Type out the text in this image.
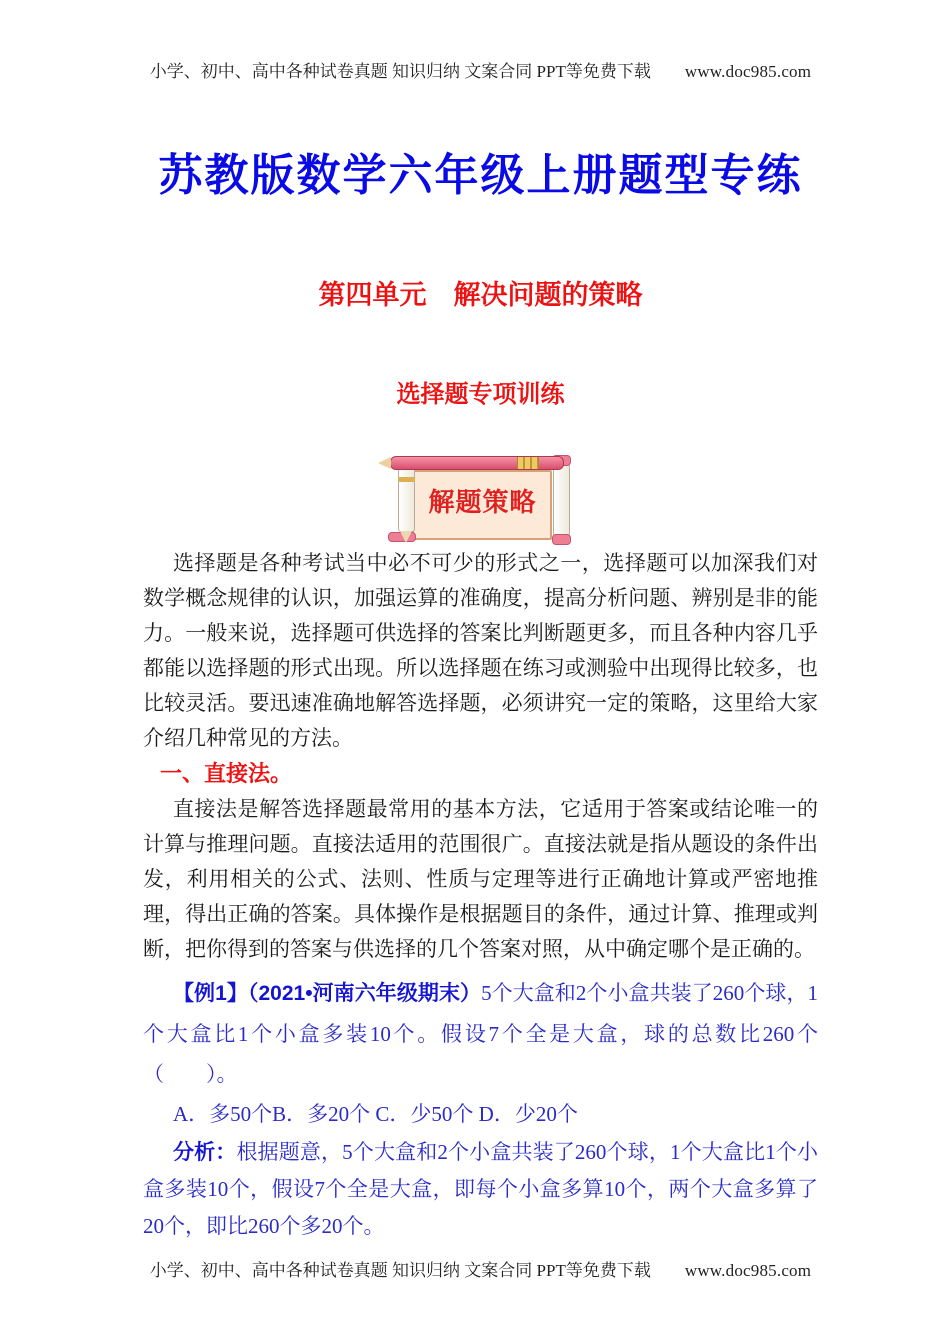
小学、初中、高中各种试卷真题 知识归纳 文案合同 PPT等免费下载 www.doc985.com
苏教版数学六年级上册题型专练
第四单元　解决问题的策略
选择题专项训练
解题策略

选择题是各种考试当中必不可少的形式之一，选择题可以加深我们对数学概念规律的认识，加强运算的准确度，提高分析问题、辨别是非的能力。一般来说，选择题可供选择的答案比判断题更多，而且各种内容几乎都能以选择题的形式出现。所以选择题在练习或测验中出现得比较多，也比较灵活。要迅速准确地解答选择题，必须讲究一定的策略，这里给大家介绍几种常见的方法。

一、直接法。

直接法是解答选择题最常用的基本方法，它适用于答案或结论唯一的计算与推理问题。直接法适用的范围很广。直接法就是指从题设的条件出发，利用相关的公式、法则、性质与定理等进行正确地计算或严密地推理，得出正确的答案。具体操作是根据题目的条件，通过计算、推理或判断，把你得到的答案与供选择的几个答案对照，从中确定哪个是正确的。

【例1】（2021•河南六年级期末）5个大盒和2个小盒共装了260个球，1个大盒比1个小盒多装10个。假设7个全是大盒，球的总数比260个（　　）。

A．多50个B．多20个 C．少50个 D．少20个

分析：根据题意，5个大盒和2个小盒共装了260个球，1个大盒比1个小盒多装10个，假设7个全是大盒，即每个小盒多算10个，两个大盒多算了20个，即比260个多20个。

小学、初中、高中各种试卷真题 知识归纳 文案合同 PPT等免费下载 www.doc985.com
